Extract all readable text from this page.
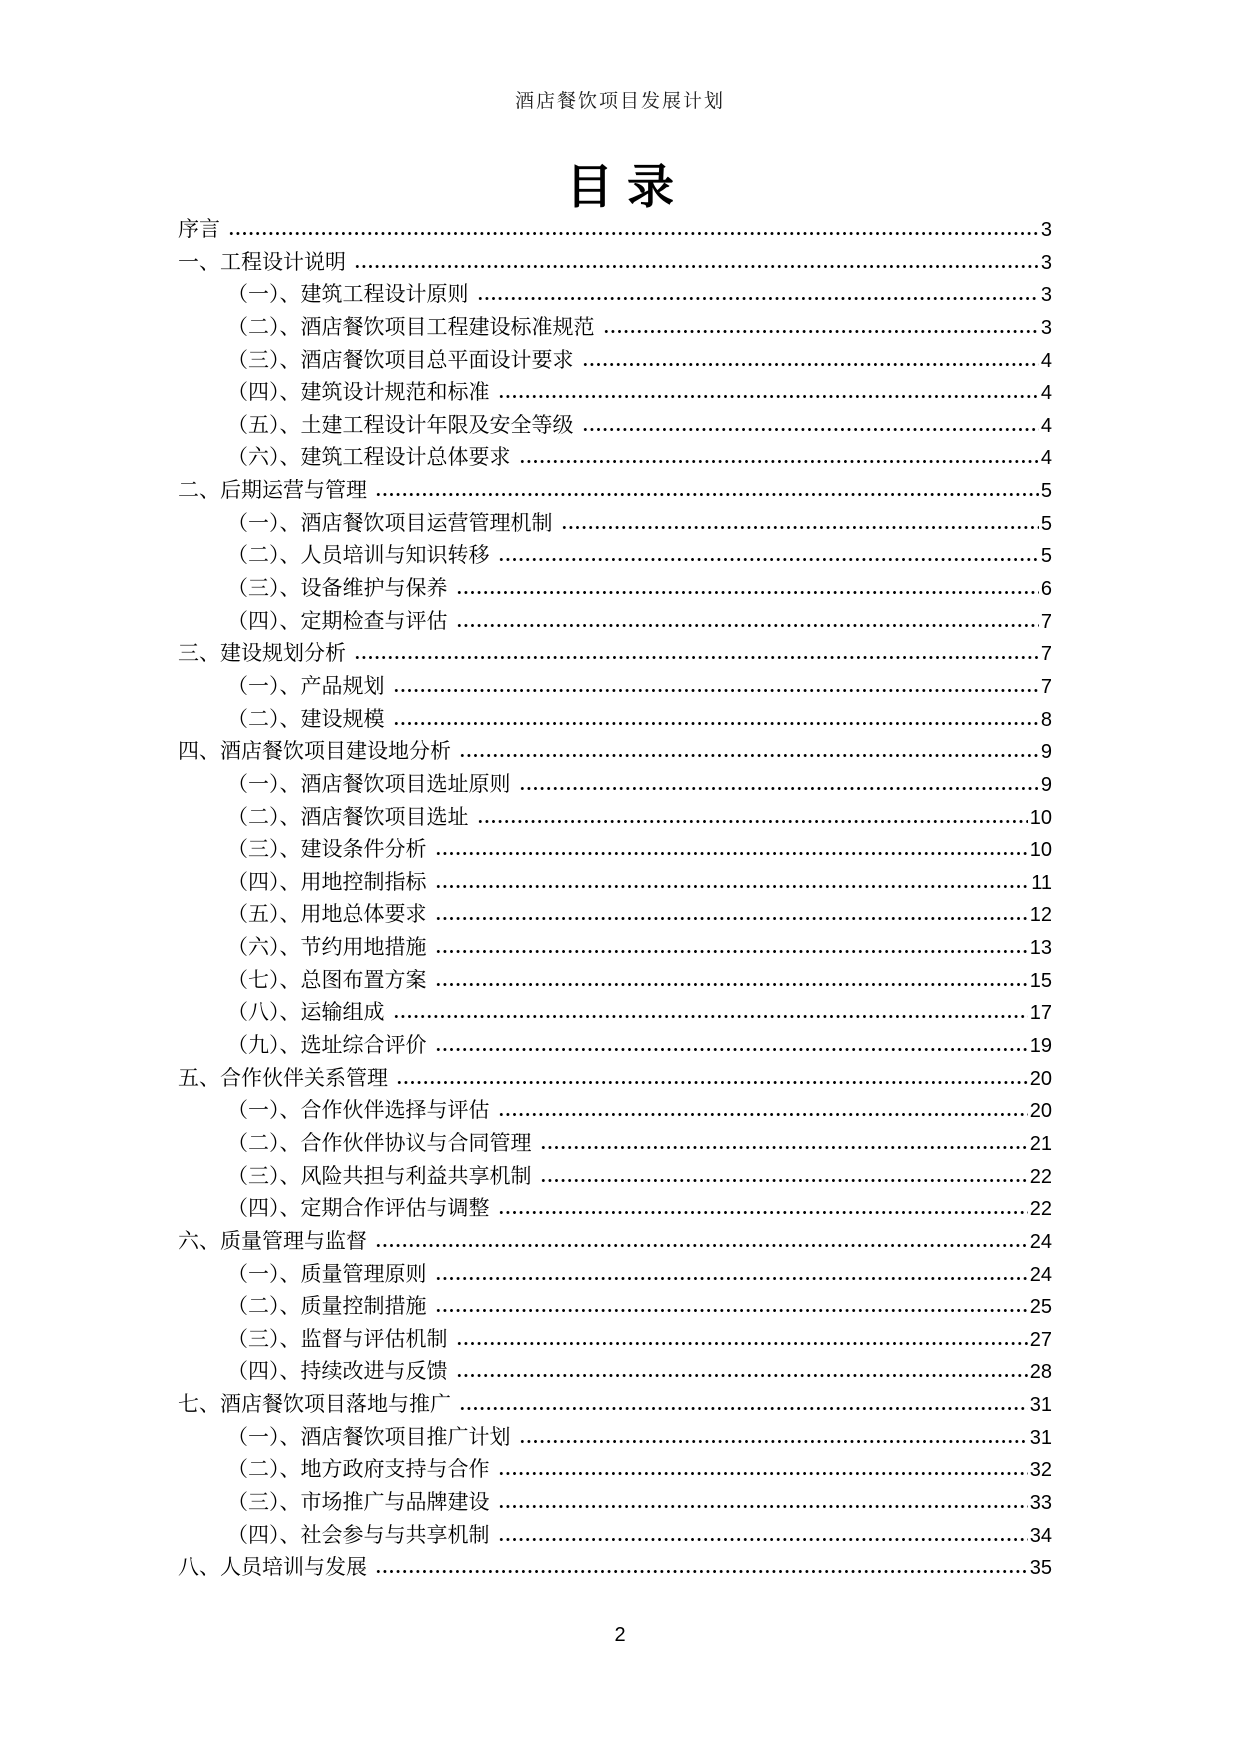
酒店餐饮项目发展计划
目录
序言	3
一、工程设计说明	3
（一）、建筑工程设计原则	3
（二）、酒店餐饮项目工程建设标准规范	3
（三）、酒店餐饮项目总平面设计要求	4
（四）、建筑设计规范和标准	4
（五）、土建工程设计年限及安全等级	4
（六）、建筑工程设计总体要求	4
二、后期运营与管理	5
（一）、酒店餐饮项目运营管理机制	5
（二）、人员培训与知识转移	5
（三）、设备维护与保养	6
（四）、定期检查与评估	7
三、建设规划分析	7
（一）、产品规划	7
（二）、建设规模	8
四、酒店餐饮项目建设地分析	9
（一）、酒店餐饮项目选址原则	9
（二）、酒店餐饮项目选址	10
（三）、建设条件分析	10
（四）、用地控制指标	11
（五）、用地总体要求	12
（六）、节约用地措施	13
（七）、总图布置方案	15
（八）、运输组成	17
（九）、选址综合评价	19
五、合作伙伴关系管理	20
（一）、合作伙伴选择与评估	20
（二）、合作伙伴协议与合同管理	21
（三）、风险共担与利益共享机制	22
（四）、定期合作评估与调整	22
六、质量管理与监督	24
（一）、质量管理原则	24
（二）、质量控制措施	25
（三）、监督与评估机制	27
（四）、持续改进与反馈	28
七、酒店餐饮项目落地与推广	31
（一）、酒店餐饮项目推广计划	31
（二）、地方政府支持与合作	32
（三）、市场推广与品牌建设	33
（四）、社会参与与共享机制	34
八、人员培训与发展	35
2
